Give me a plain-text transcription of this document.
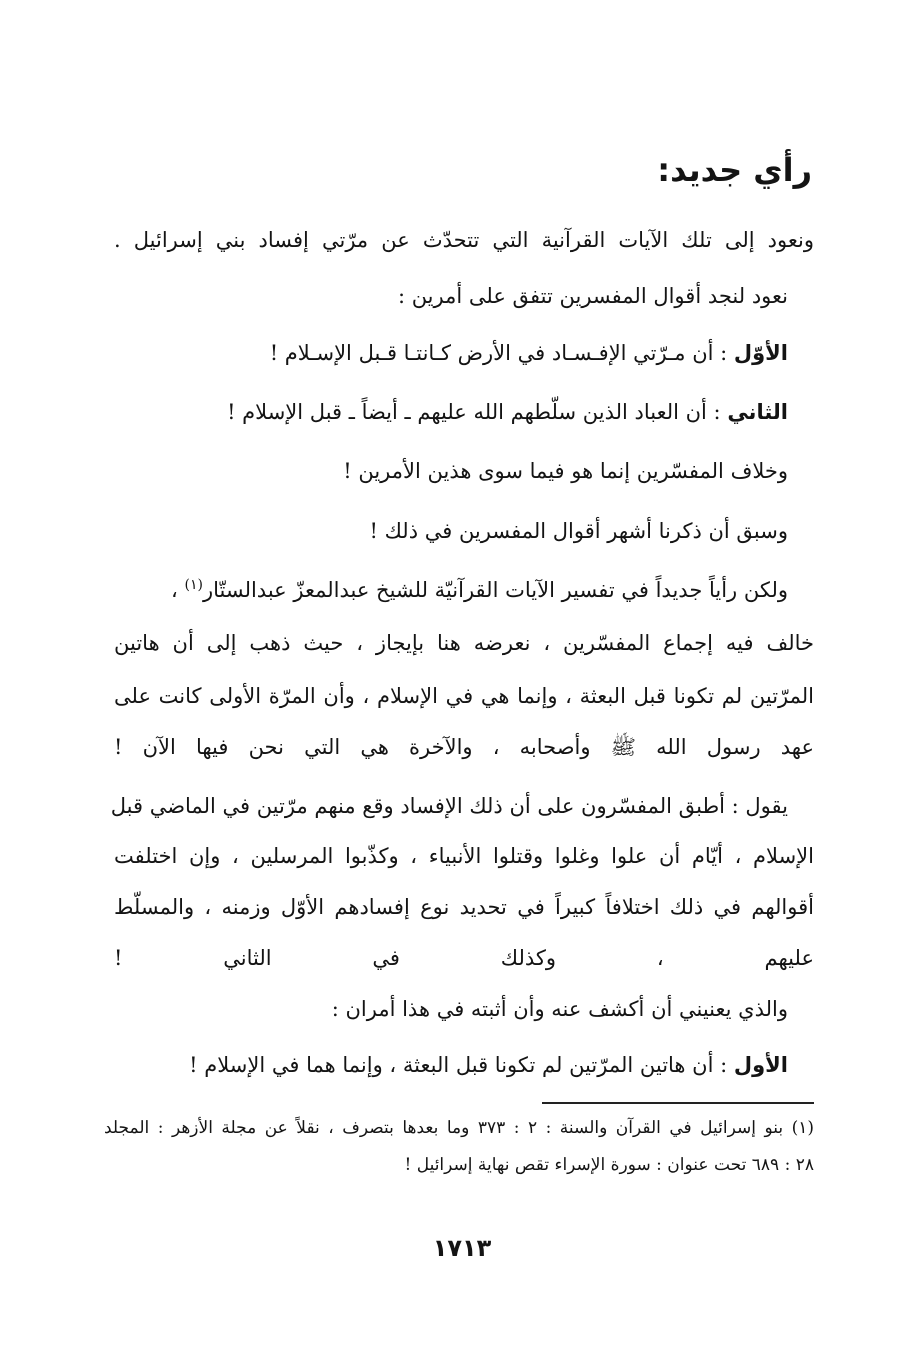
رأي جديد:
ونعود إلى تلك الآيات القرآنية التي تتحدّث عن مرّتي إفساد بني إسرائيل .
نعود لنجد أقوال المفسرين تتفق على أمرين :
الأوّل : أن مـرّتي الإفـسـاد في الأرض كـانتـا قـبل الإسـلام !
الثاني : أن العباد الذين سلّطهم الله عليهم ـ أيضاً ـ قبل الإسلام !
وخلاف المفسّرين إنما هو فيما سوى هذين الأمرين !
وسبق أن ذكرنا أشهر أقوال المفسرين في ذلك !
ولكن رأياً جديداً في تفسير الآيات القرآنيّة للشيخ عبدالمعزّ عبدالستّار$^{(١)}$ ،
خالف فيه إجماع المفسّرين ، نعرضه هنا بإيجاز ، حيث ذهب إلى أن هاتين
المرّتين لم تكونا قبل البعثة ، وإنما هي في الإسلام ، وأن المرّة الأولى كانت على
عهد رسول الله ﷺ وأصحابه ، والآخرة هي التي نحن فيها الآن !
يقول : أطبق المفسّرون على أن ذلك الإفساد وقع منهم مرّتين في الماضي قبل
الإسلام ، أيّام أن علوا وغلوا وقتلوا الأنبياء ، وكذّبوا المرسلين ، وإن اختلفت
أقوالهم في ذلك اختلافاً كبيراً في تحديد نوع إفسادهم الأوّل وزمنه ، والمسلّط
عليهم ، وكذلك في الثاني !
والذي يعنيني أن أكشف عنه وأن أثبته في هذا أمران :
الأول : أن هاتين المرّتين لم تكونا قبل البعثة ، وإنما هما في الإسلام !
(١) بنو إسرائيل في القرآن والسنة : ٢ : ٣٧٣ وما بعدها بتصرف ، نقلاً عن مجلة الأزهر : المجلد
٢٨ : ٦٨٩ تحت عنوان : سورة الإسراء تقص نهاية إسرائيل !
١٧١٣
